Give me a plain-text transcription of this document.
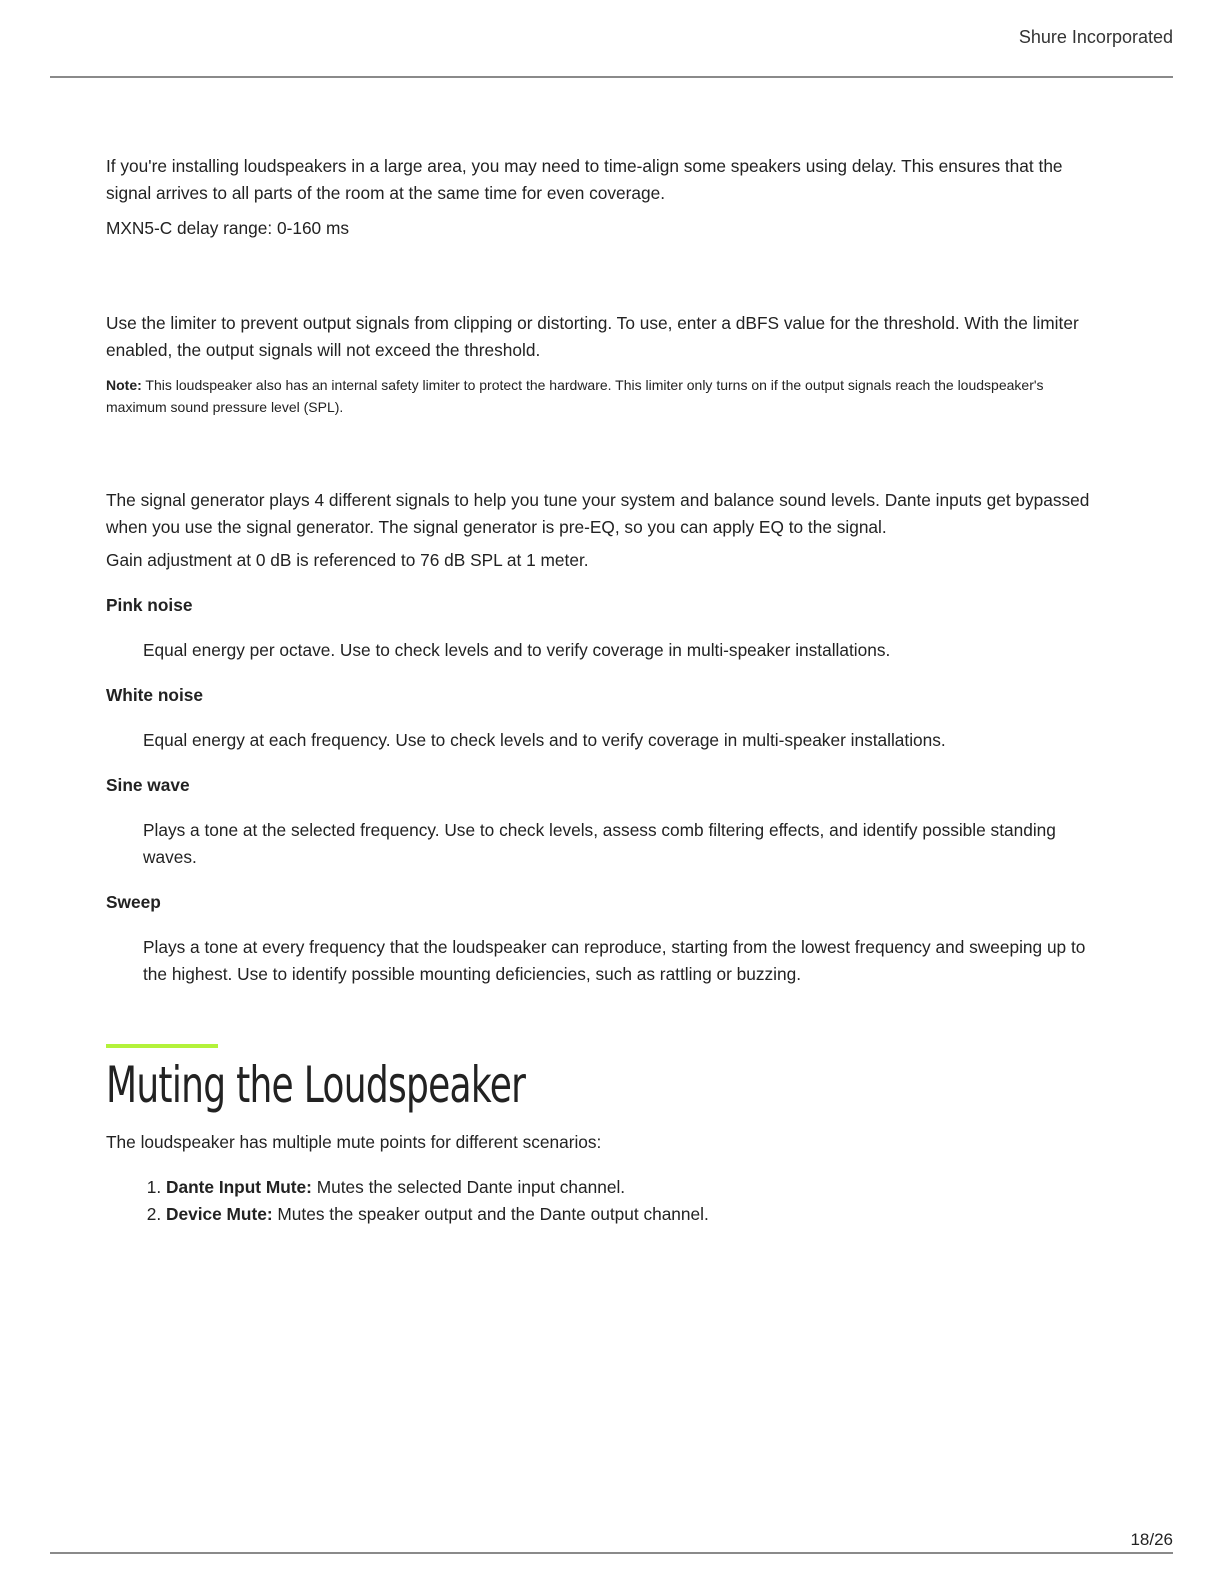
Shure Incorporated

If you're installing loudspeakers in a large area, you may need to time-align some speakers using delay. This ensures that the signal arrives to all parts of the room at the same time for even coverage.

MXN5-C delay range: 0-160 ms

Use the limiter to prevent output signals from clipping or distorting. To use, enter a dBFS value for the threshold. With the limiter enabled, the output signals will not exceed the threshold.

Note: This loudspeaker also has an internal safety limiter to protect the hardware. This limiter only turns on if the output signals reach the loudspeaker's maximum sound pressure level (SPL).

The signal generator plays 4 different signals to help you tune your system and balance sound levels. Dante inputs get bypassed when you use the signal generator. The signal generator is pre-EQ, so you can apply EQ to the signal.

Gain adjustment at 0 dB is referenced to 76 dB SPL at 1 meter.

Pink noise
Equal energy per octave. Use to check levels and to verify coverage in multi-speaker installations.
White noise
Equal energy at each frequency. Use to check levels and to verify coverage in multi-speaker installations.
Sine wave
Plays a tone at the selected frequency. Use to check levels, assess comb filtering effects, and identify possible standing waves.
Sweep
Plays a tone at every frequency that the loudspeaker can reproduce, starting from the lowest frequency and sweeping up to the highest. Use to identify possible mounting deficiencies, such as rattling or buzzing.
Muting the Loudspeaker

The loudspeaker has multiple mute points for different scenarios:

1. Dante Input Mute: Mutes the selected Dante input channel.
2. Device Mute: Mutes the speaker output and the Dante output channel.
18/26
